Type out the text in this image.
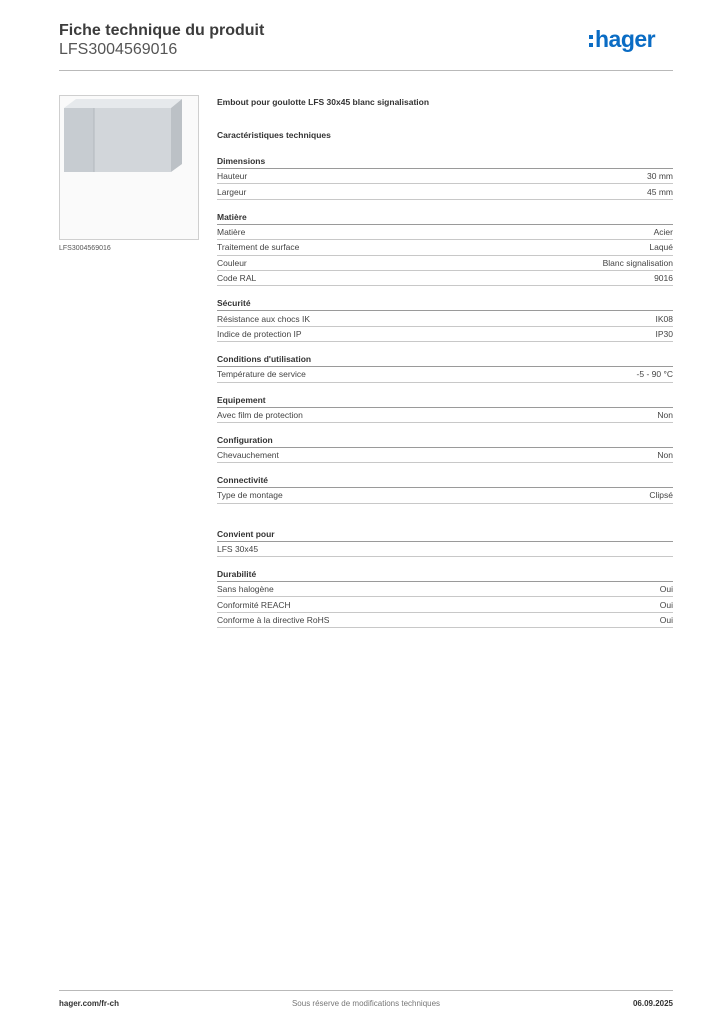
Fiche technique du produit
LFS3004569016	hager
LFS3004569016
Embout pour goulotte LFS 30x45 blanc signalisation
Caractéristiques techniques
Dimensions
Hauteur	30 mm
Largeur	45 mm
Matière
Matière	Acier
Traitement de surface	Laqué
Couleur	Blanc signalisation
Code RAL	9016
Sécurité
Résistance aux chocs IK	IK08
Indice de protection IP	IP30
Conditions d'utilisation
Température de service	-5 - 90 °C
Equipement
Avec film de protection	Non
Configuration
Chevauchement	Non
Connectivité
Type de montage	Clipsé
Convient pour
LFS 30x45
Durabilité
Sans halogène	Oui
Conformité REACH	Oui
Conforme à la directive RoHS	Oui
Sous réserve de modifications techniques
hager.com/fr-ch	06.09.2025
